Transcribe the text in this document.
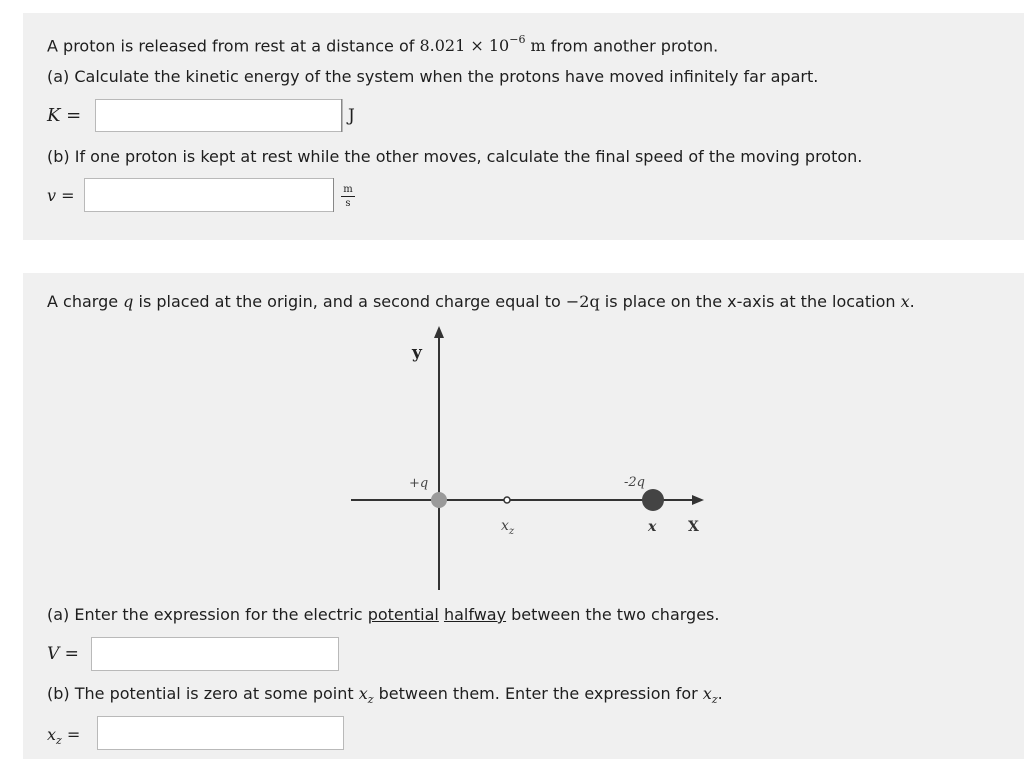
A proton is released from rest at a distance of $8.021 \times 10^{-6}$ m from another proton.
(a) Calculate the kinetic energy of the system when the protons have moved infinitely far apart.
K =	J
(b) If one proton is kept at rest while the other moves, calculate the final speed of the moving proton.
v =	m
s
A charge q is placed at the origin, and a second charge equal to −2q is place on the x-axis at the location x.
y
+q
$x_z$
-2q
x X
(a) Enter the expression for the electric potential halfway between the two charges.
V =
(b) The potential is zero at some point $x_z$ between them. Enter the expression for $x_z$.
$x_z$ =
